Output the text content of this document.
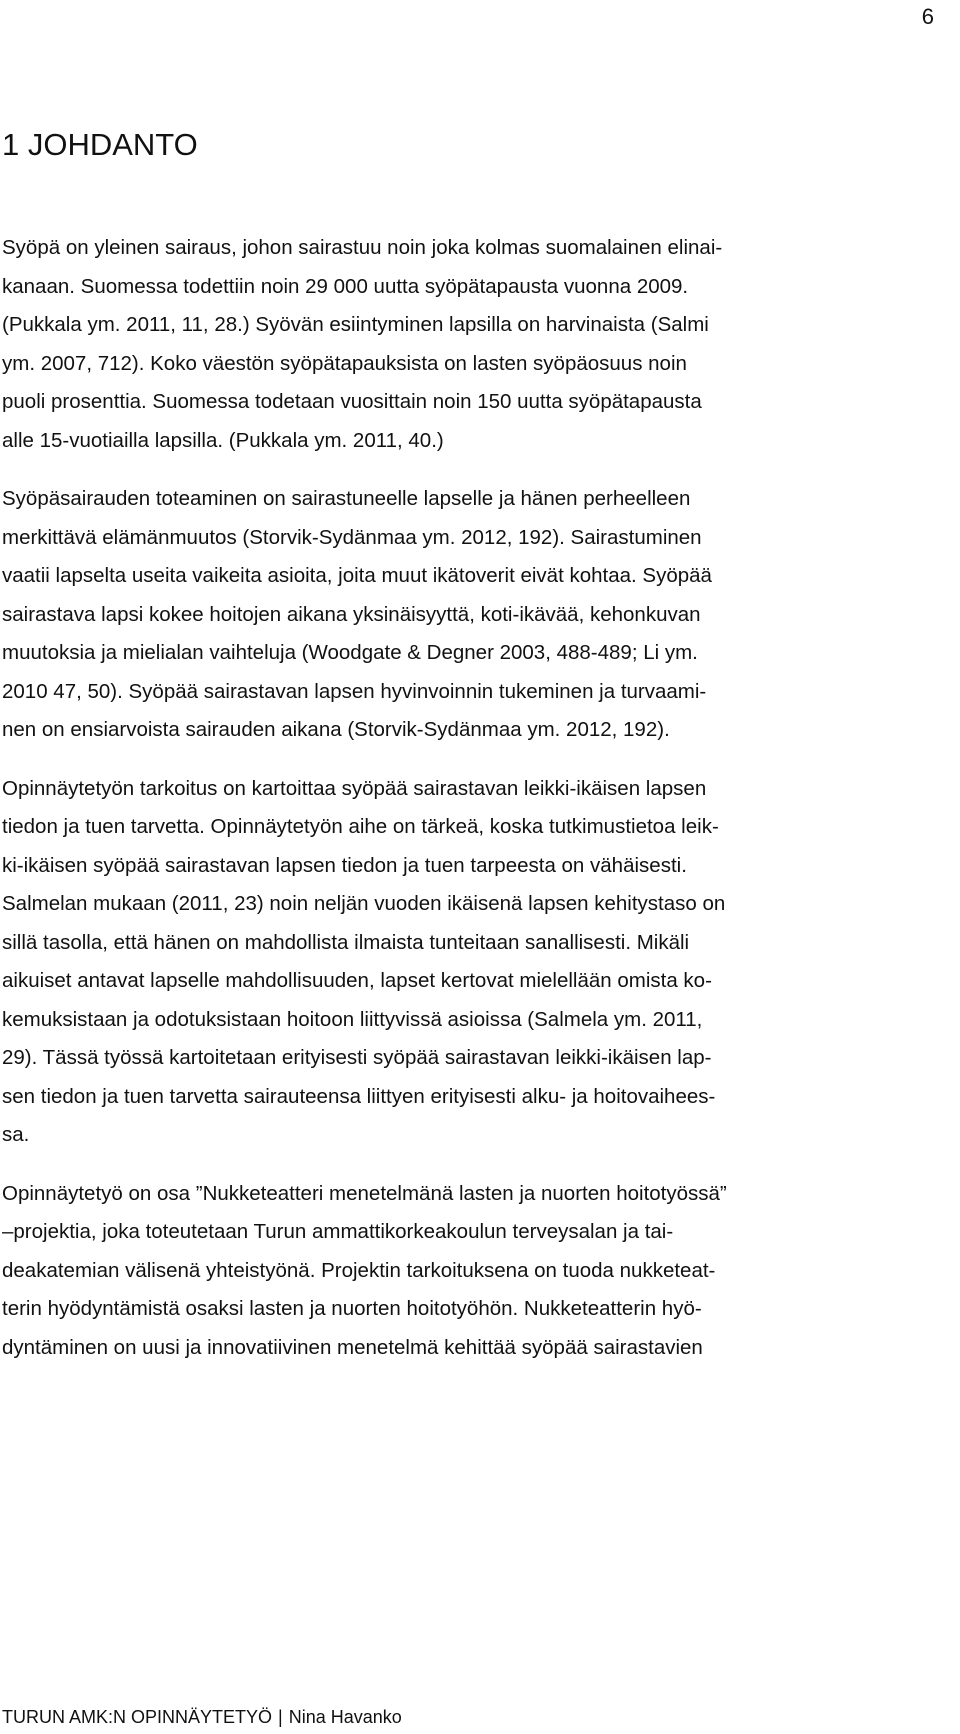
6
1 JOHDANTO

Syöpä on yleinen sairaus, johon sairastuu noin joka kolmas suomalainen elinai-
kanaan. Suomessa todettiin noin 29 000 uutta syöpätapausta vuonna 2009.
(Pukkala ym. 2011, 11, 28.) Syövän esiintyminen lapsilla on harvinaista (Salmi
ym. 2007, 712). Koko väestön syöpätapauksista on lasten syöpäosuus noin
puoli prosenttia. Suomessa todetaan vuosittain noin 150 uutta syöpätapausta
alle 15-vuotiailla lapsilla. (Pukkala ym. 2011, 40.)

Syöpäsairauden toteaminen on sairastuneelle lapselle ja hänen perheelleen
merkittävä elämänmuutos (Storvik-Sydänmaa ym. 2012, 192). Sairastuminen
vaatii lapselta useita vaikeita asioita, joita muut ikätoverit eivät kohtaa. Syöpää
sairastava lapsi kokee hoitojen aikana yksinäisyyttä, koti-ikävää, kehonkuvan
muutoksia ja mielialan vaihteluja (Woodgate & Degner 2003, 488-489; Li ym.
2010 47, 50). Syöpää sairastavan lapsen hyvinvoinnin tukeminen ja turvaami-
nen on ensiarvoista sairauden aikana (Storvik-Sydänmaa ym. 2012, 192).

Opinnäytetyön tarkoitus on kartoittaa syöpää sairastavan leikki-ikäisen lapsen
tiedon ja tuen tarvetta. Opinnäytetyön aihe on tärkeä, koska tutkimustietoa leik-
ki-ikäisen syöpää sairastavan lapsen tiedon ja tuen tarpeesta on vähäisesti.
Salmelan mukaan (2011, 23) noin neljän vuoden ikäisenä lapsen kehitystaso on
sillä tasolla, että hänen on mahdollista ilmaista tunteitaan sanallisesti. Mikäli
aikuiset antavat lapselle mahdollisuuden, lapset kertovat mielellään omista ko-
kemuksistaan ja odotuksistaan hoitoon liittyvissä asioissa (Salmela ym. 2011,
29). Tässä työssä kartoitetaan erityisesti syöpää sairastavan leikki-ikäisen lap-
sen tiedon ja tuen tarvetta sairauteensa liittyen erityisesti alku- ja hoitovaihees-
sa.

Opinnäytetyö on osa ”Nukketeatteri menetelmänä lasten ja nuorten hoitotyössä”
–projektia, joka toteutetaan Turun ammattikorkeakoulun terveysalan ja tai-
deakatemian välisenä yhteistyönä. Projektin tarkoituksena on tuoda nukketeat-
terin hyödyntämistä osaksi lasten ja nuorten hoitotyöhön. Nukketeatterin hyö-
dyntäminen on uusi ja innovatiivinen menetelmä kehittää syöpää sairastavien

TURUN AMK:N OPINNÄYTETYÖ | Nina Havanko
